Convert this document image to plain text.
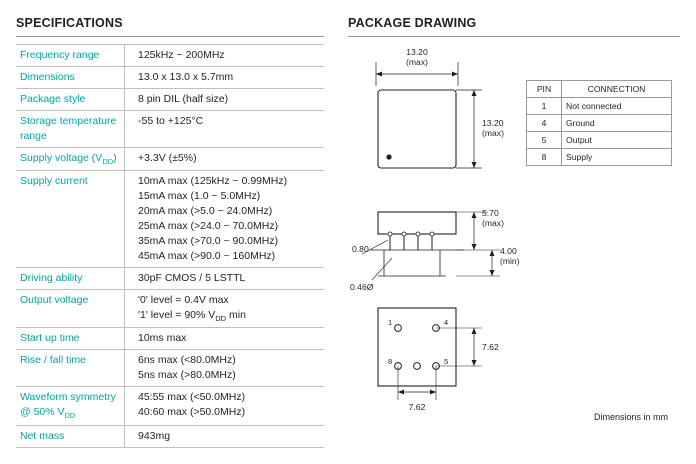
SPECIFICATIONS
Frequency range	125kHz ~ 200MHz
Dimensions	13.0 x 13.0 x 5.7mm
Package style	8 pin DIL (half size)
Storage temperature range	-55 to +125°C
Supply voltage $(V_{DD})$	+3.3V (±5%)
Supply current	10mA max (125kHz ~ 0.99MHz)
15mA max (1.0 ~ 5.0MHz)
20mA max (>5.0 ~ 24.0MHz)
25mA max (>24.0 ~ 70.0MHz)
35mA max (>70.0 ~ 90.0MHz)
45mA max (>90.0 ~ 160MHz)

Driving ability	30pF CMOS / 5 LSTTL
Output voltage	'0' level = 0.4V max
'1' level = 90% $V_{DD}$ min

Start up time	10ms max
Rise / fall time	6ns max (<80.0MHz)
5ns max (>80.0MHz)

Waveform symmetry
@ 50% $V_{DD}$	45:55 max (<50.0MHz)
40:60 max (>50.0MHz)

Net mass	943mg
PACKAGE DRAWING
13.20
(max)
13.20
(max)
0.80
0.46Ø
5.70
(max)
4.00
(min)
7.62
7.62
1	4
8	5
PIN	CONNECTION
1	Not connected
4	Ground
5	Output
8	Supply
Dimensions in mm
